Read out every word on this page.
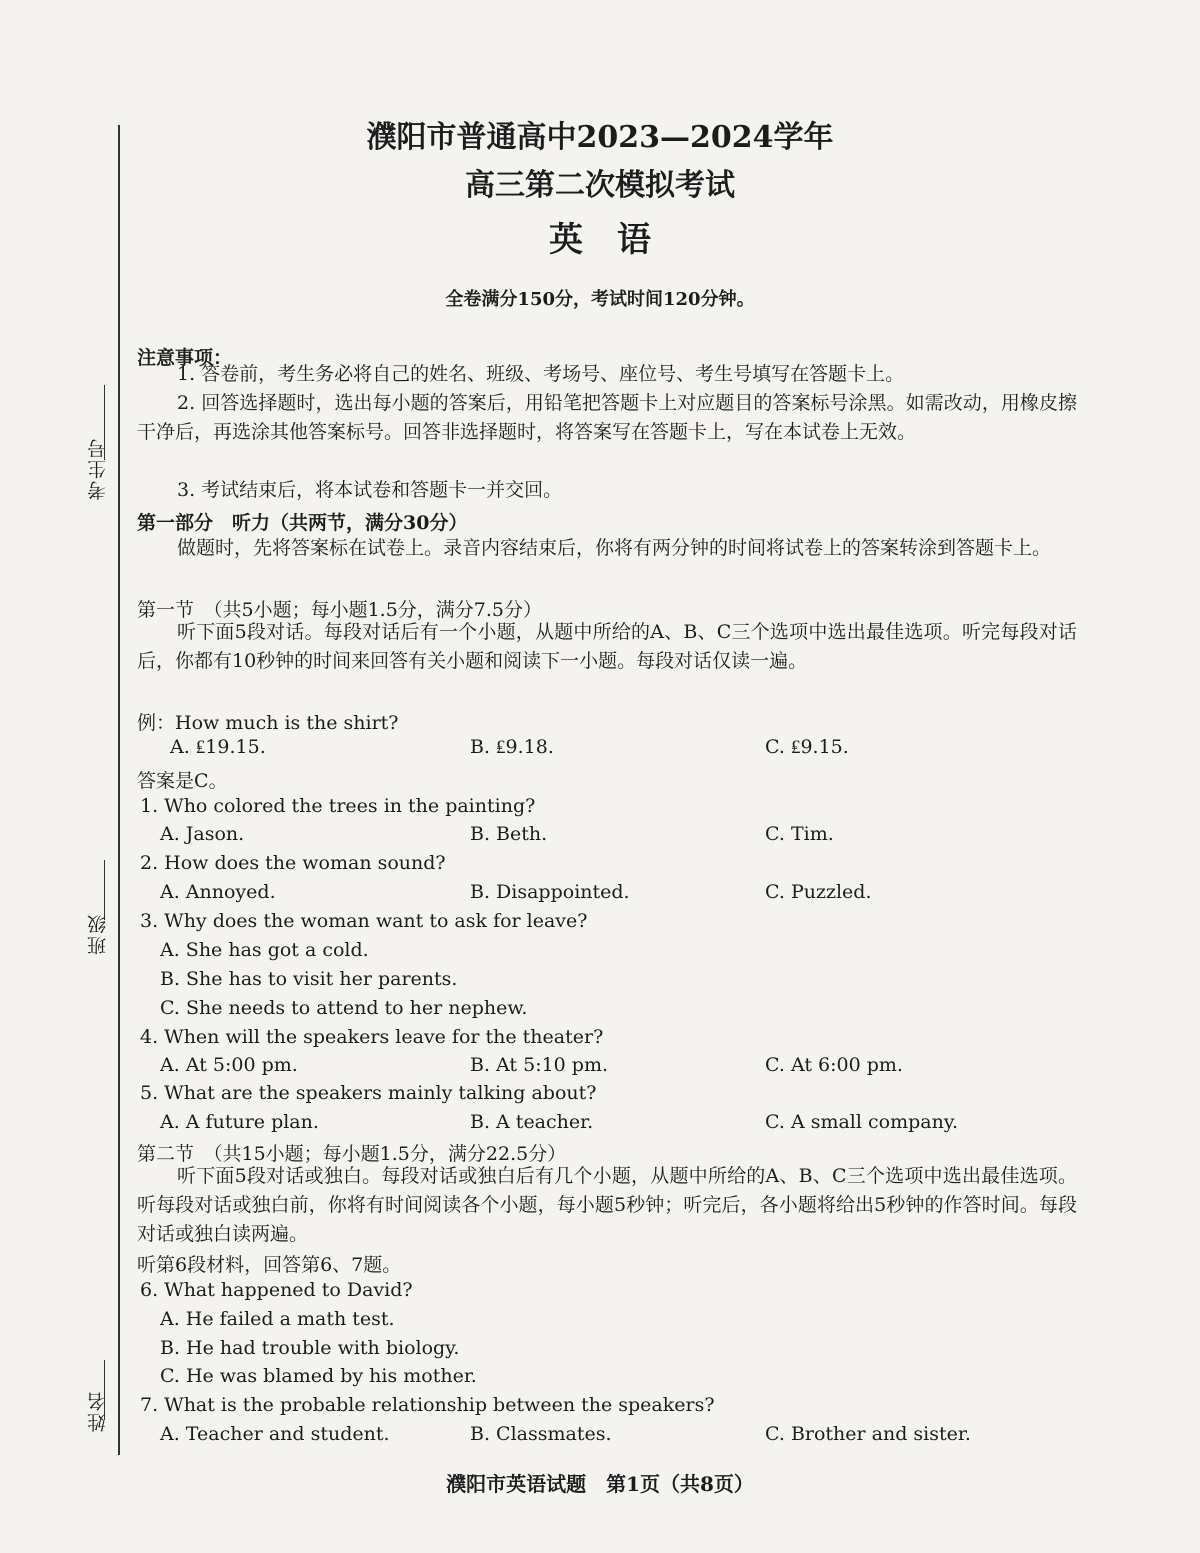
考生号
班级
姓名
濮阳市普通高中2023—2024学年
高三第二次模拟考试
英　语
全卷满分150分，考试时间120分钟。
注意事项：
1. 答卷前，考生务必将自己的姓名、班级、考场号、座位号、考生号填写在答题卡上。
2. 回答选择题时，选出每小题的答案后，用铅笔把答题卡上对应题目的答案标号涂黑。如需改动，用橡皮擦干净后，再选涂其他答案标号。回答非选择题时，将答案写在答题卡上，写在本试卷上无效。
3. 考试结束后，将本试卷和答题卡一并交回。
第一部分　听力（共两节，满分30分）
做题时，先将答案标在试卷上。录音内容结束后，你将有两分钟的时间将试卷上的答案转涂到答题卡上。
第一节　（共5小题；每小题1.5分，满分7.5分）
听下面5段对话。每段对话后有一个小题，从题中所给的A、B、C三个选项中选出最佳选项。听完每段对话后，你都有10秒钟的时间来回答有关小题和阅读下一小题。每段对话仅读一遍。
例：How much is the shirt?
A. ₤19.15.	B. ₤9.18.	C. ₤9.15.
答案是C。
1. Who colored the trees in the painting?
A. Jason.	B. Beth.	C. Tim.
2. How does the woman sound?
A. Annoyed.	B. Disappointed.	C. Puzzled.
3. Why does the woman want to ask for leave?
A. She has got a cold.
B. She has to visit her parents.
C. She needs to attend to her nephew.
4. When will the speakers leave for the theater?
A. At 5:00 pm.	B. At 5:10 pm.	C. At 6:00 pm.
5. What are the speakers mainly talking about?
A. A future plan.	B. A teacher.	C. A small company.
第二节　（共15小题；每小题1.5分，满分22.5分）
听下面5段对话或独白。每段对话或独白后有几个小题，从题中所给的A、B、C三个选项中选出最佳选项。听每段对话或独白前，你将有时间阅读各个小题，每小题5秒钟；听完后，各小题将给出5秒钟的作答时间。每段对话或独白读两遍。
听第6段材料，回答第6、7题。
6. What happened to David?
A. He failed a math test.
B. He had trouble with biology.
C. He was blamed by his mother.
7. What is the probable relationship between the speakers?
A. Teacher and student.	B. Classmates.	C. Brother and sister.
濮阳市英语试题　第1页（共8页）
